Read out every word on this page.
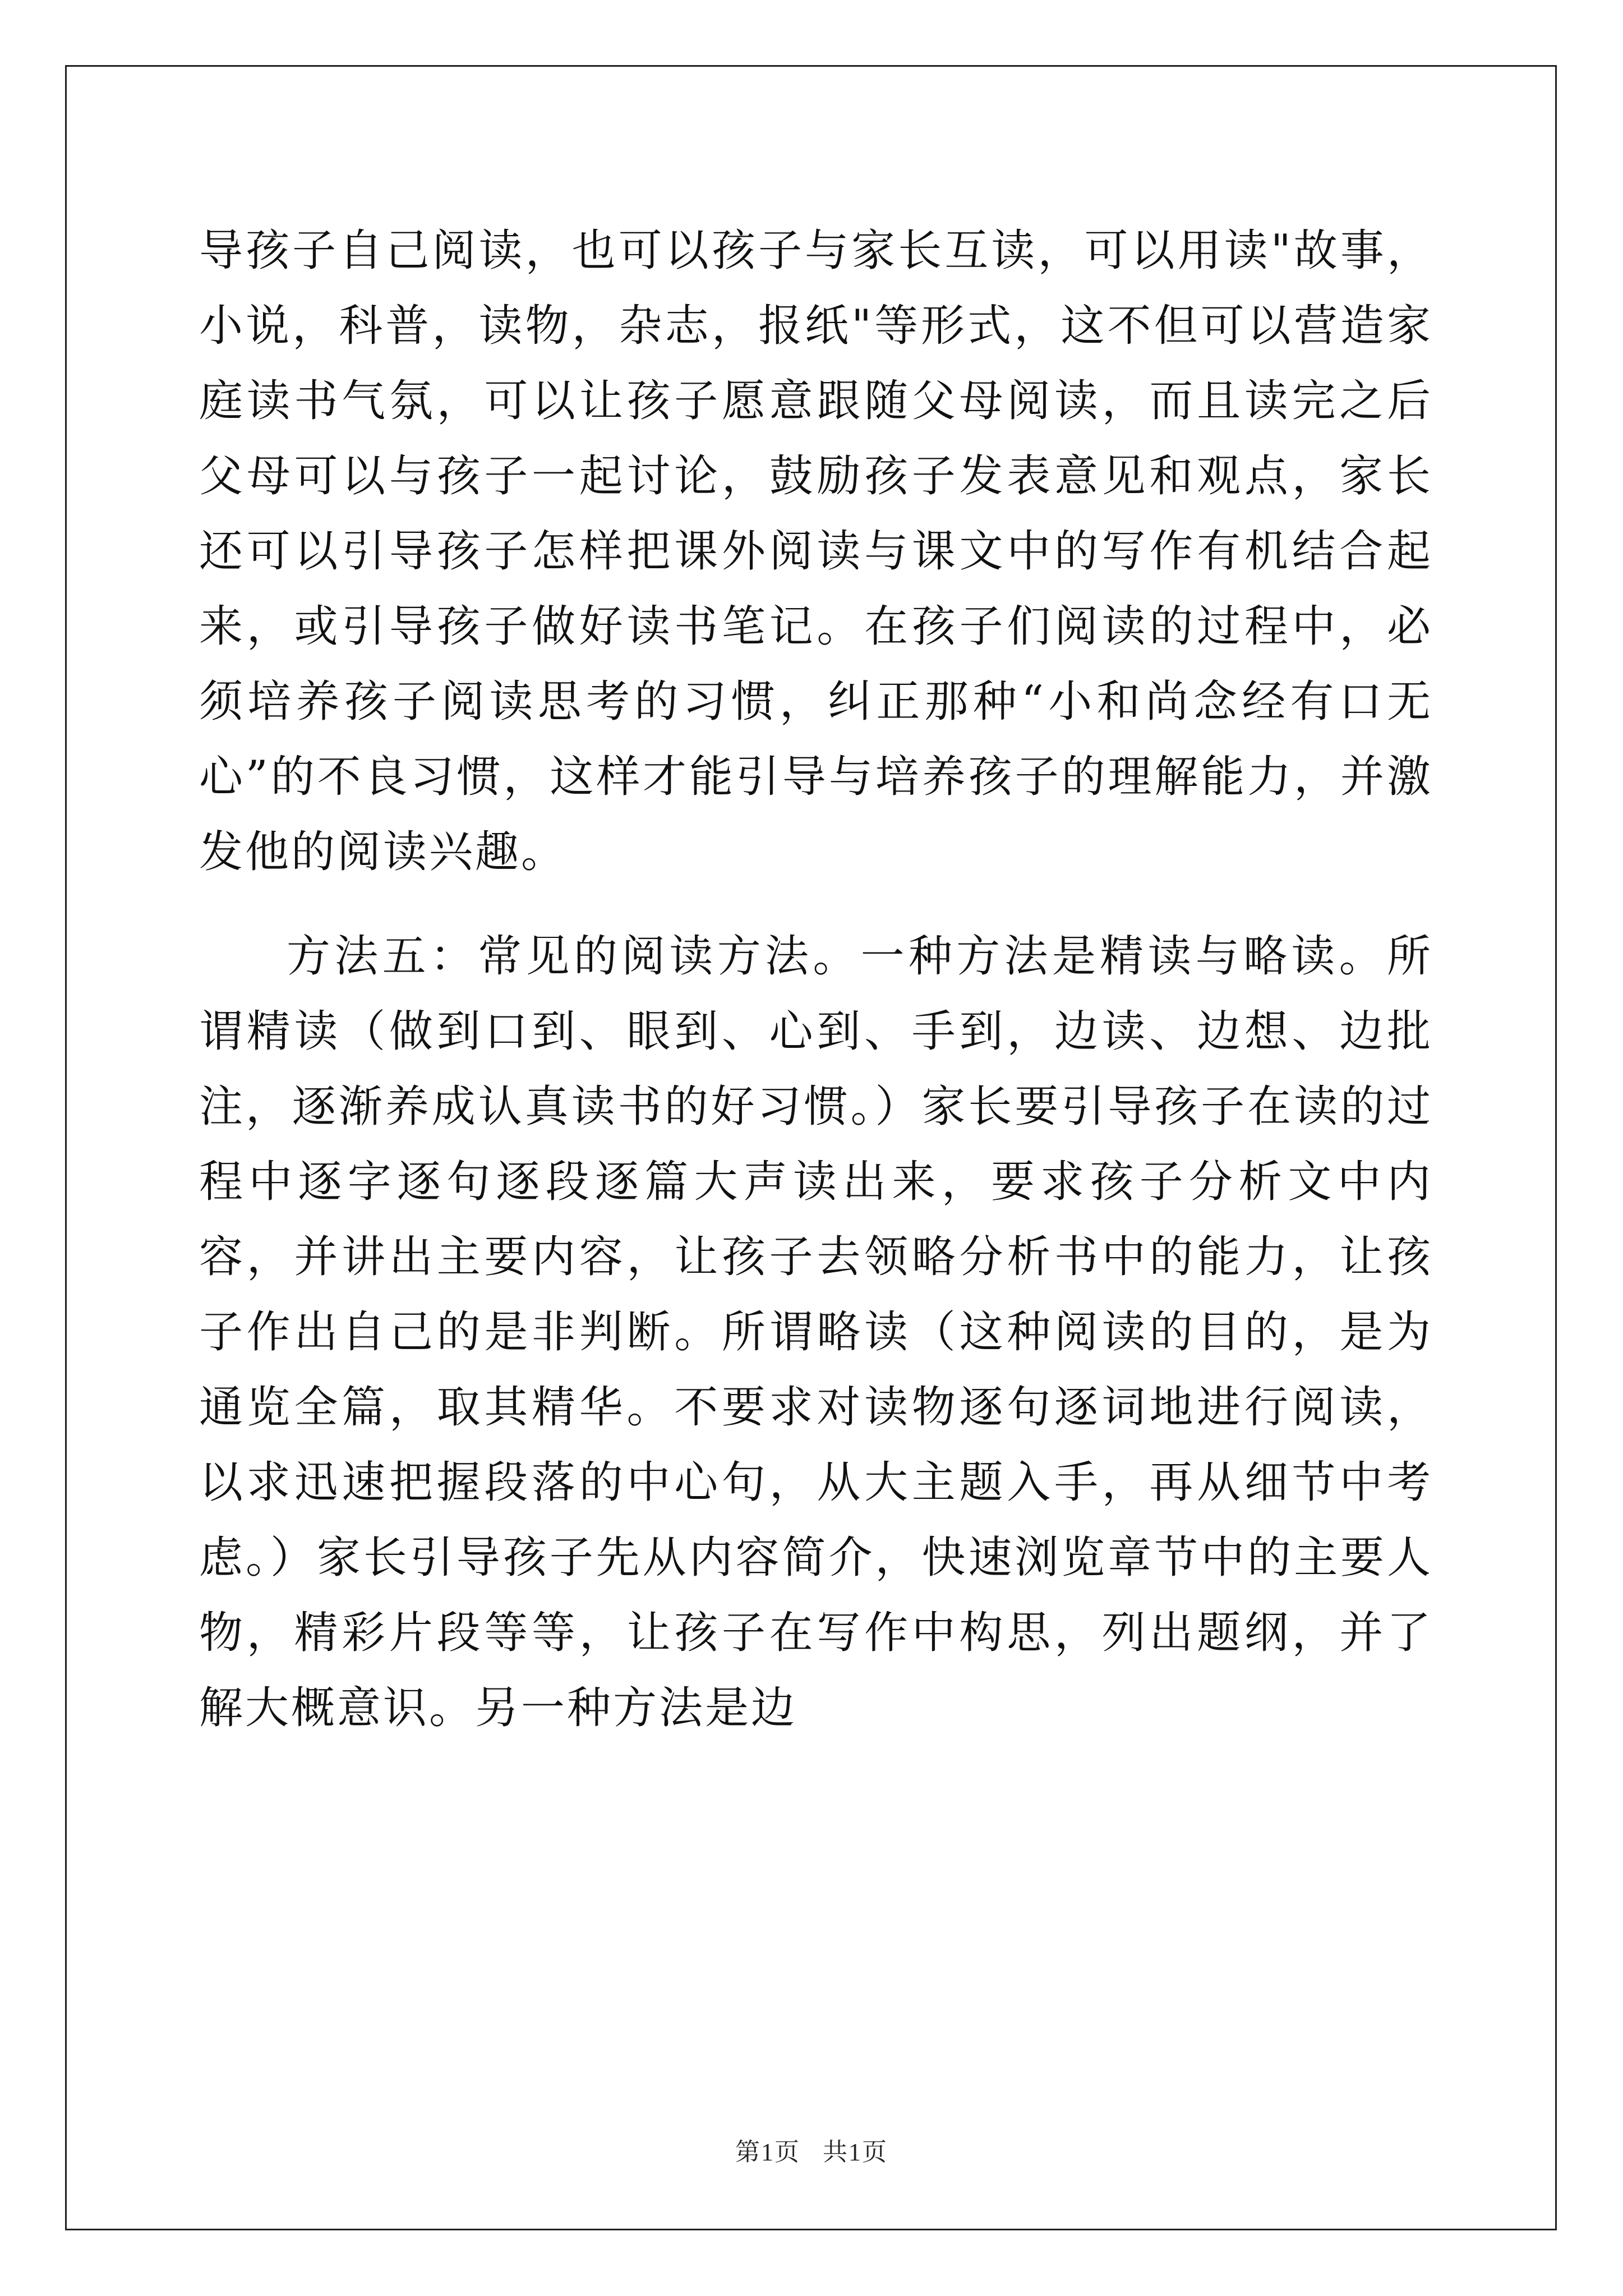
导孩子自己阅读，也可以孩子与家长互读，可以用读"故事，小说，科普，读物，杂志，报纸"等形式，这不但可以营造家庭读书气氛，可以让孩子愿意跟随父母阅读，而且读完之后父母可以与孩子一起讨论，鼓励孩子发表意见和观点，家长还可以引导孩子怎样把课外阅读与课文中的写作有机结合起来，或引导孩子做好读书笔记。在孩子们阅读的过程中，必须培养孩子阅读思考的习惯，纠正那种“小和尚念经有口无心”的不良习惯，这样才能引导与培养孩子的理解能力，并激发他的阅读兴趣。

方法五：常见的阅读方法。一种方法是精读与略读。所谓精读（做到口到、眼到、心到、手到，边读、边想、边批注，逐渐养成认真读书的好习惯。）家长要引导孩子在读的过程中逐字逐句逐段逐篇大声读出来，要求孩子分析文中内容，并讲出主要内容，让孩子去领略分析书中的能力，让孩子作出自己的是非判断。所谓略读（这种阅读的目的，是为通览全篇，取其精华。不要求对读物逐句逐词地进行阅读，以求迅速把握段落的中心句，从大主题入手，再从细节中考虑。）家长引导孩子先从内容简介，快速浏览章节中的主要人物，精彩片段等等，让孩子在写作中构思，列出题纲，并了解大概意识。另一种方法是边

第1页 共1页
